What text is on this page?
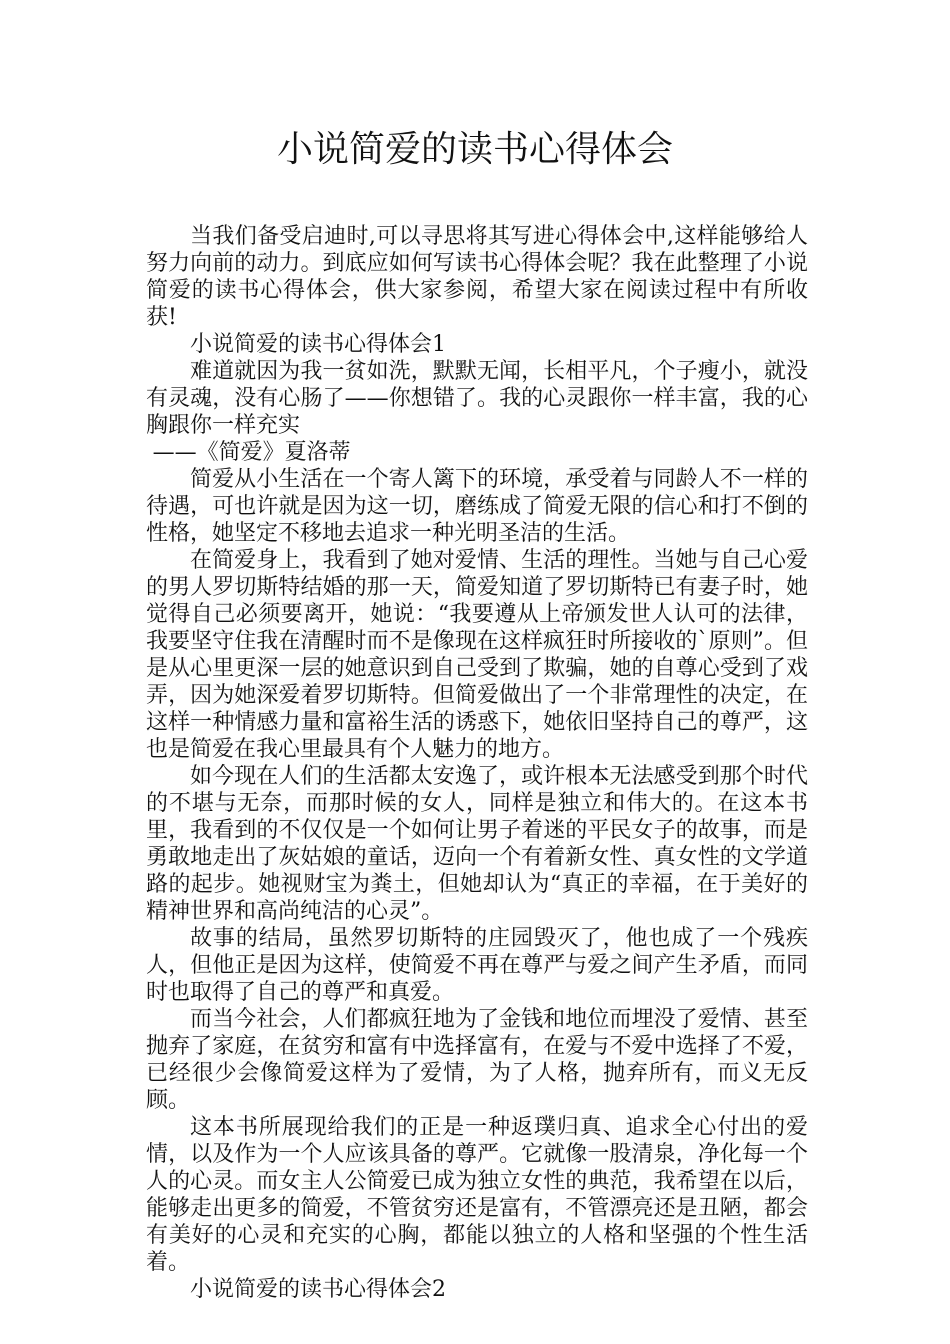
小说简爱的读书心得体会

当我们备受启迪时,可以寻思将其写进心得体会中,这样能够给人努力向前的动力。到底应如何写读书心得体会呢？我在此整理了小说简爱的读书心得体会，供大家参阅，希望大家在阅读过程中有所收获!

小说简爱的读书心得体会1

难道就因为我一贫如洗，默默无闻，长相平凡，个子瘦小，就没有灵魂，没有心肠了——你想错了。我的心灵跟你一样丰富，我的心胸跟你一样充实

——《简爱》夏洛蒂

简爱从小生活在一个寄人篱下的环境，承受着与同龄人不一样的待遇，可也许就是因为这一切，磨练成了简爱无限的信心和打不倒的性格，她坚定不移地去追求一种光明圣洁的生活。

在简爱身上，我看到了她对爱情、生活的理性。当她与自己心爱的男人罗切斯特结婚的那一天，简爱知道了罗切斯特已有妻子时，她觉得自己必须要离开，她说：“我要遵从上帝颁发世人认可的法律，我要坚守住我在清醒时而不是像现在这样疯狂时所接收的`原则”。但是从心里更深一层的她意识到自己受到了欺骗，她的自尊心受到了戏弄，因为她深爱着罗切斯特。但简爱做出了一个非常理性的决定，在这样一种情感力量和富裕生活的诱惑下，她依旧坚持自己的尊严，这也是简爱在我心里最具有个人魅力的地方。

如今现在人们的生活都太安逸了，或许根本无法感受到那个时代的不堪与无奈，而那时候的女人，同样是独立和伟大的。在这本书里，我看到的不仅仅是一个如何让男子着迷的平民女子的故事，而是勇敢地走出了灰姑娘的童话，迈向一个有着新女性、真女性的文学道路的起步。她视财宝为粪土，但她却认为“真正的幸福，在于美好的精神世界和高尚纯洁的心灵”。

故事的结局，虽然罗切斯特的庄园毁灭了，他也成了一个残疾人，但他正是因为这样，使简爱不再在尊严与爱之间产生矛盾，而同时也取得了自己的尊严和真爱。

而当今社会，人们都疯狂地为了金钱和地位而埋没了爱情、甚至抛弃了家庭，在贫穷和富有中选择富有，在爱与不爱中选择了不爱，已经很少会像简爱这样为了爱情，为了人格，抛弃所有，而义无反顾。

这本书所展现给我们的正是一种返璞归真、追求全心付出的爱情，以及作为一个人应该具备的尊严。它就像一股清泉，净化每一个人的心灵。而女主人公简爱已成为独立女性的典范，我希望在以后，能够走出更多的简爱，不管贫穷还是富有，不管漂亮还是丑陋，都会有美好的心灵和充实的心胸，都能以独立的人格和坚强的个性生活着。

小说简爱的读书心得体会2
